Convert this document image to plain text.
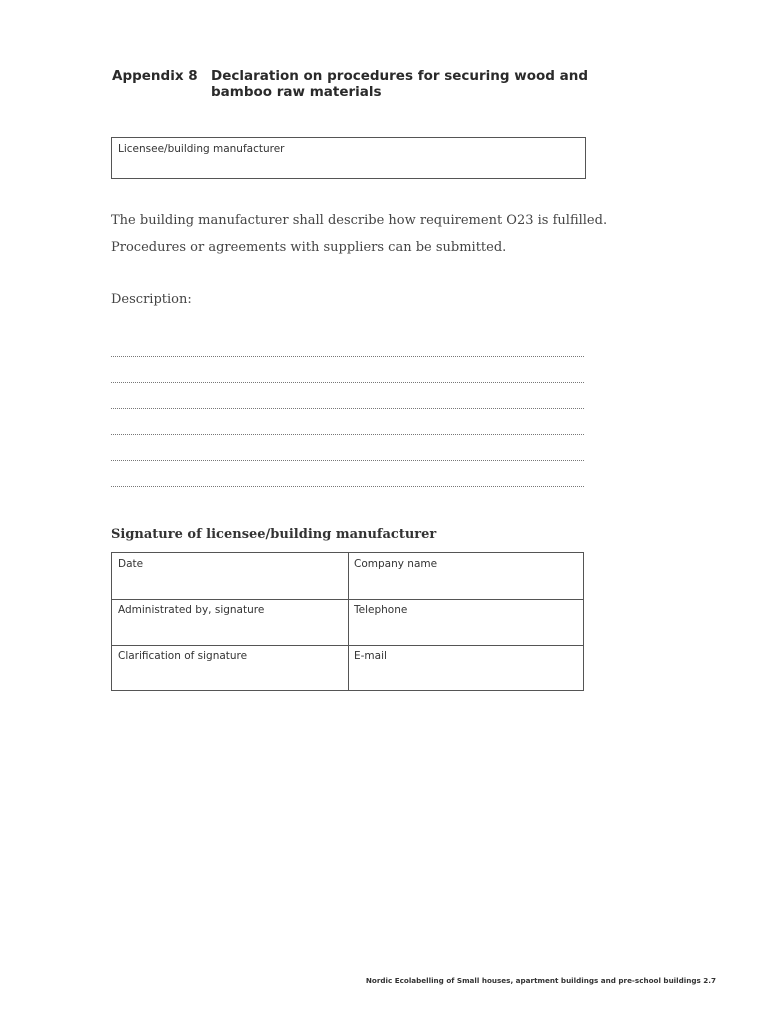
Appendix 8 Declaration on procedures for securing wood and bamboo raw materials
Licensee/building manufacturer
The building manufacturer shall describe how requirement O23 is fulfilled.
Procedures or agreements with suppliers can be submitted.
Description:
Signature of licensee/building manufacturer
Date	Company name
Administrated by, signature	Telephone
Clarification of signature	E-mail
Nordic Ecolabelling of Small houses, apartment buildings and pre-school buildings 2.7
